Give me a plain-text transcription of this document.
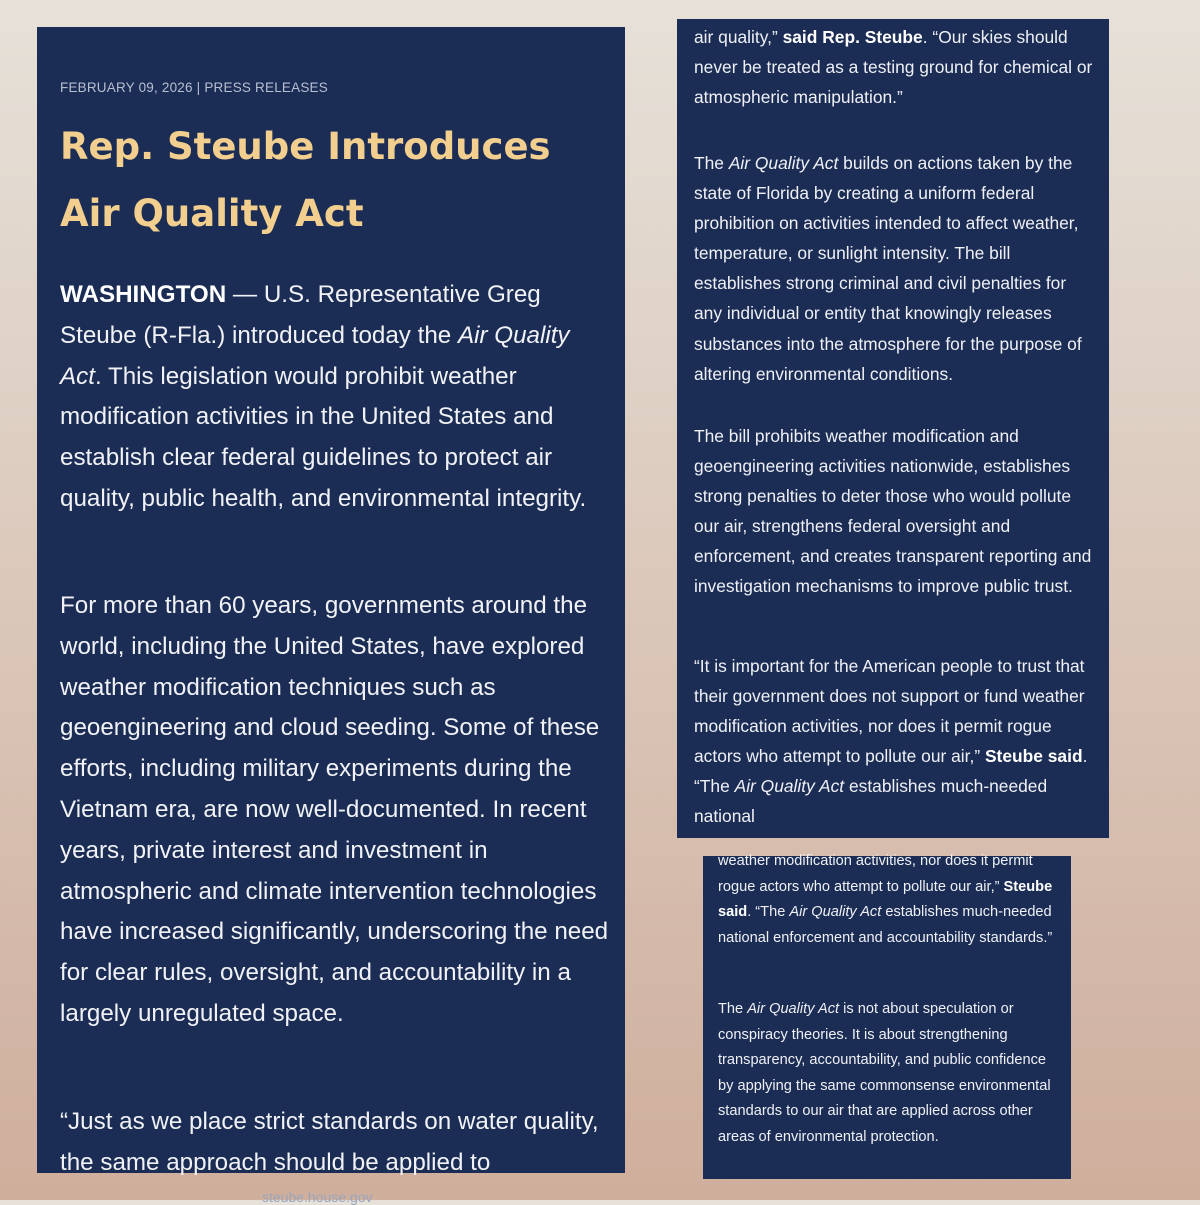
FEBRUARY 09, 2026 | PRESS RELEASES
Rep. Steube Introduces Air Quality Act

WASHINGTON — U.S. Representative Greg Steube (R-Fla.) introduced today the Air Quality Act. This legislation would prohibit weather modification activities in the United States and establish clear federal guidelines to protect air quality, public health, and environmental integrity.

For more than 60 years, governments around the world, including the United States, have explored weather modification techniques such as geoengineering and cloud seeding. Some of these efforts, including military experiments during the Vietnam era, are now well-documented. In recent years, private interest and investment in atmospheric and climate intervention technologies have increased significantly, underscoring the need for clear rules, oversight, and accountability in a largely unregulated space.

“Just as we place strict standards on water quality, the same approach should be applied to

steube.house.gov

air quality,” said Rep. Steube. “Our skies should never be treated as a testing ground for chemical or atmospheric manipulation.”

The Air Quality Act builds on actions taken by the state of Florida by creating a uniform federal prohibition on activities intended to affect weather, temperature, or sunlight intensity. The bill establishes strong criminal and civil penalties for any individual or entity that knowingly releases substances into the atmosphere for the purpose of altering environmental conditions.

The bill prohibits weather modification and geoengineering activities nationwide, establishes strong penalties to deter those who would pollute our air, strengthens federal oversight and enforcement, and creates transparent reporting and investigation mechanisms to improve public trust.

“It is important for the American people to trust that their government does not support or fund weather modification activities, nor does it permit rogue actors who attempt to pollute our air,” Steube said. “The Air Quality Act establishes much-needed national

weather modification activities, nor does it permit rogue actors who attempt to pollute our air,” Steube said. “The Air Quality Act establishes much-needed national enforcement and accountability standards.”

The Air Quality Act is not about speculation or conspiracy theories. It is about strengthening transparency, accountability, and public confidence by applying the same commonsense environmental standards to our air that are applied across other areas of environmental protection.
